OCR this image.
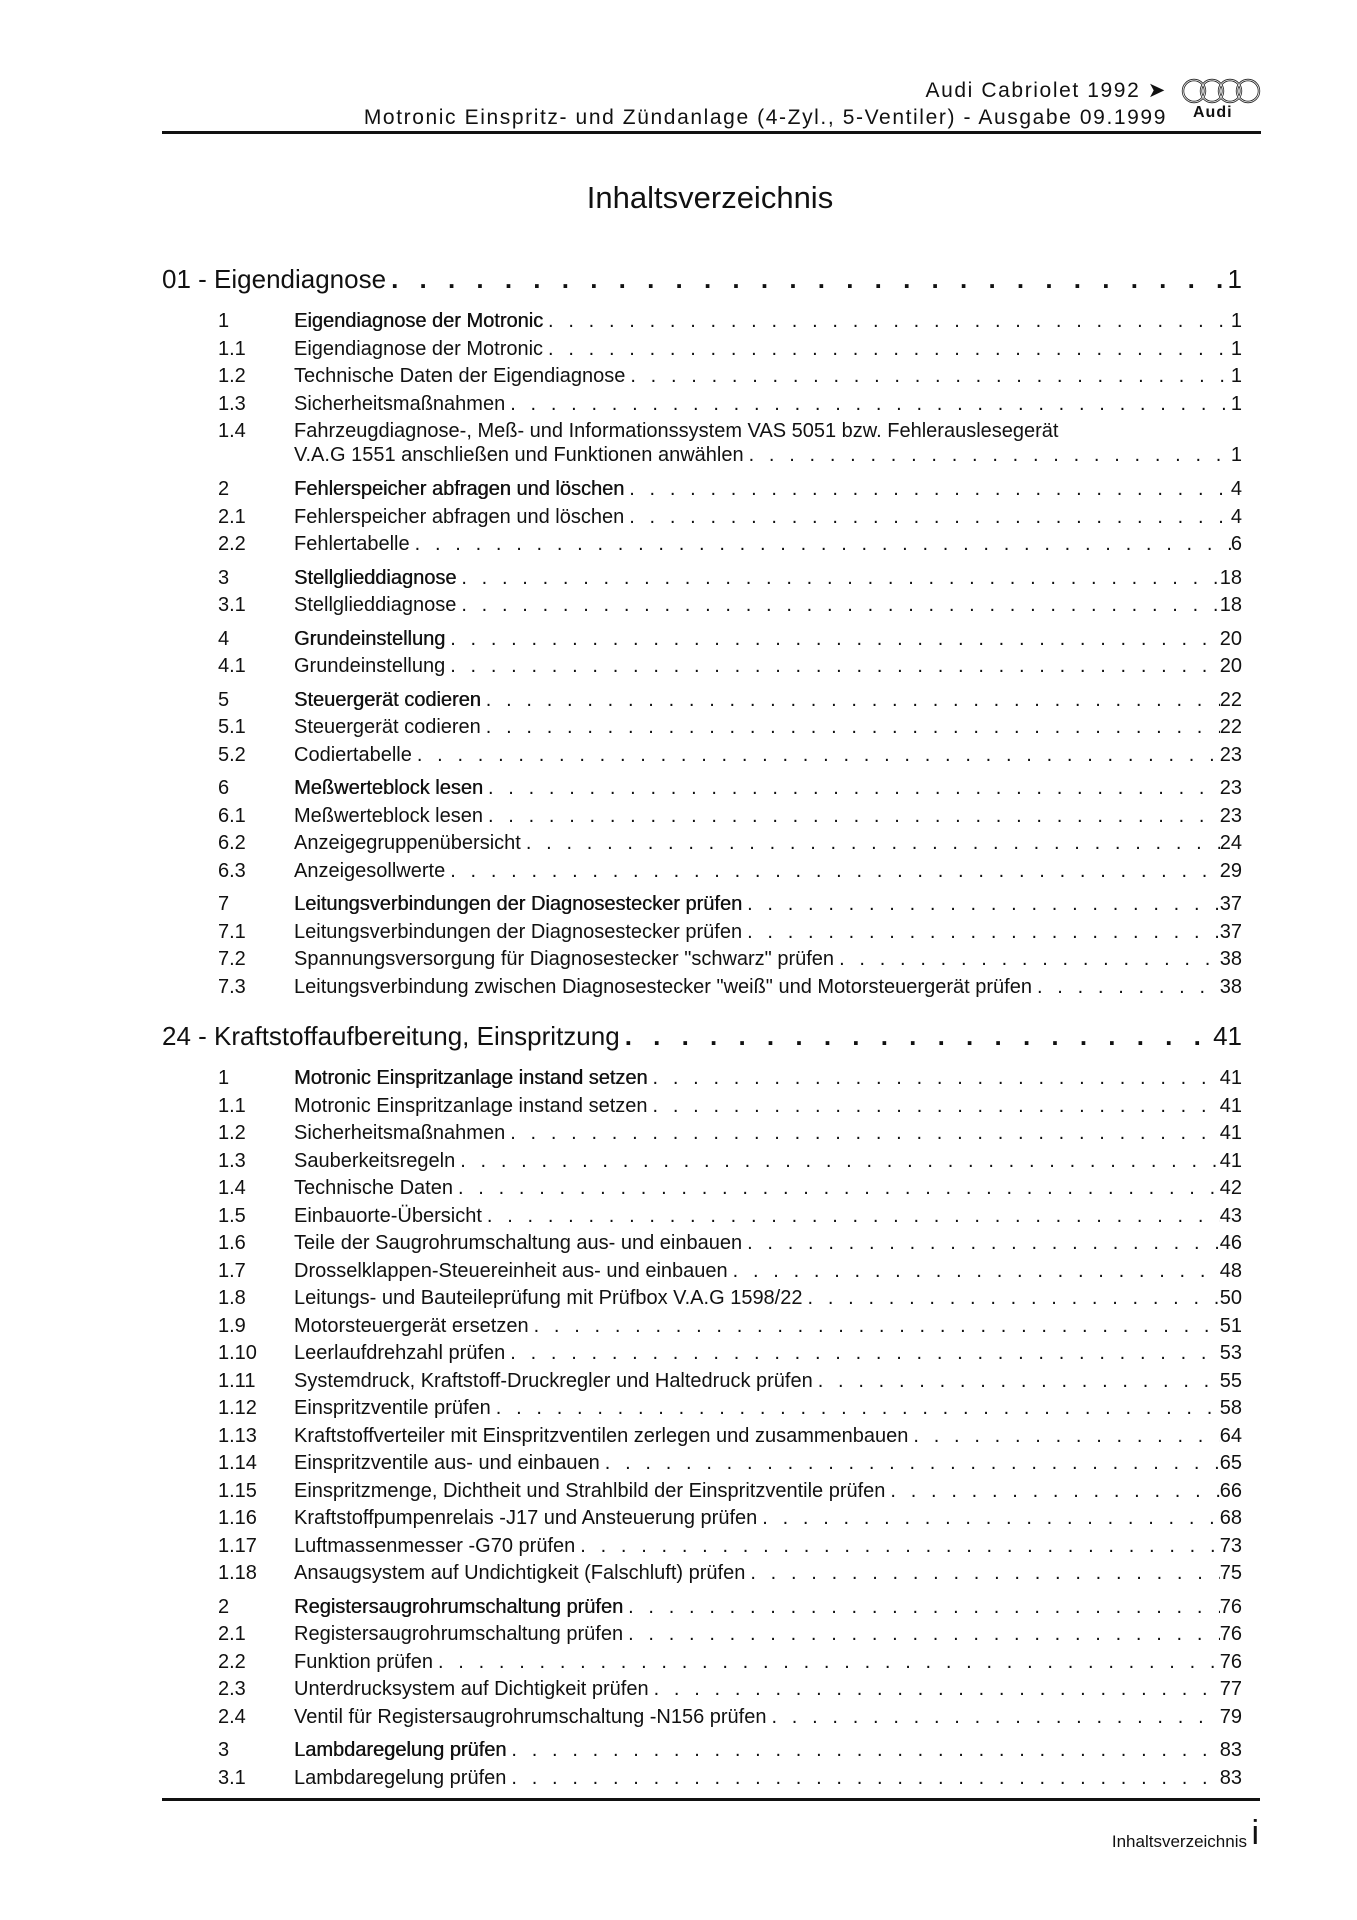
Audi Cabriolet 1992 ➤
Motronic Einspritz- und Zündanlage (4-Zyl., 5-Ventiler) - Ausgabe 09.1999 Audi
Inhaltsverzeichnis
01 - Eigendiagnose . . .	1
1	Eigendiagnose der Motronic . . .	1
1.1	Eigendiagnose der Motronic . . .	1
1.2	Technische Daten der Eigendiagnose . . .	1
1.3	Sicherheitsmaßnahmen . . .	1
1.4	Fahrzeugdiagnose-, Meß- und Informationssystem VAS 5051 bzw. Fehlerauslesegerät
V.A.G 1551 anschließen und Funktionen anwählen . . .	1
2	Fehlerspeicher abfragen und löschen . . .	4
2.1	Fehlerspeicher abfragen und löschen . . .	4
2.2	Fehlertabelle . . .	6
3	Stellglieddiagnose . . .	18
3.1	Stellglieddiagnose . . .	18
4	Grundeinstellung . . .	20
4.1	Grundeinstellung . . .	20
5	Steuergerät codieren . . .	22
5.1	Steuergerät codieren . . .	22
5.2	Codiertabelle . . .	23
6	Meßwerteblock lesen . . .	23
6.1	Meßwerteblock lesen . . .	23
6.2	Anzeigegruppenübersicht . . .	24
6.3	Anzeigesollwerte . . .	29
7	Leitungsverbindungen der Diagnosestecker prüfen . . .	37
7.1	Leitungsverbindungen der Diagnosestecker prüfen . . .	37
7.2	Spannungsversorgung für Diagnosestecker "schwarz" prüfen . . .	38
7.3	Leitungsverbindung zwischen Diagnosestecker "weiß" und Motorsteuergerät prüfen . . .	38
24 - Kraftstoffaufbereitung, Einspritzung . . .	41
1	Motronic Einspritzanlage instand setzen . . .	41
1.1	Motronic Einspritzanlage instand setzen . . .	41
1.2	Sicherheitsmaßnahmen . . .	41
1.3	Sauberkeitsregeln . . .	41
1.4	Technische Daten . . .	42
1.5	Einbauorte-Übersicht . . .	43
1.6	Teile der Saugrohrumschaltung aus- und einbauen . . .	46
1.7	Drosselklappen-Steuereinheit aus- und einbauen . . .	48
1.8	Leitungs- und Bauteileprüfung mit Prüfbox V.A.G 1598/22 . . .	50
1.9	Motorsteuergerät ersetzen . . .	51
1.10	Leerlaufdrehzahl prüfen . . .	53
1.11	Systemdruck, Kraftstoff-Druckregler und Haltedruck prüfen . . .	55
1.12	Einspritzventile prüfen . . .	58
1.13	Kraftstoffverteiler mit Einspritzventilen zerlegen und zusammenbauen . . .	64
1.14	Einspritzventile aus- und einbauen . . .	65
1.15	Einspritzmenge, Dichtheit und Strahlbild der Einspritzventile prüfen . . .	66
1.16	Kraftstoffpumpenrelais -J17 und Ansteuerung prüfen . . .	68
1.17	Luftmassenmesser -G70 prüfen . . .	73
1.18	Ansaugsystem auf Undichtigkeit (Falschluft) prüfen . . .	75
2	Registersaugrohrumschaltung prüfen . . .	76
2.1	Registersaugrohrumschaltung prüfen . . .	76
2.2	Funktion prüfen . . .	76
2.3	Unterdrucksystem auf Dichtigkeit prüfen . . .	77
2.4	Ventil für Registersaugrohrumschaltung -N156 prüfen . . .	79
3	Lambdaregelung prüfen . . .	83
3.1	Lambdaregelung prüfen . . .	83
Inhaltsverzeichnis i
